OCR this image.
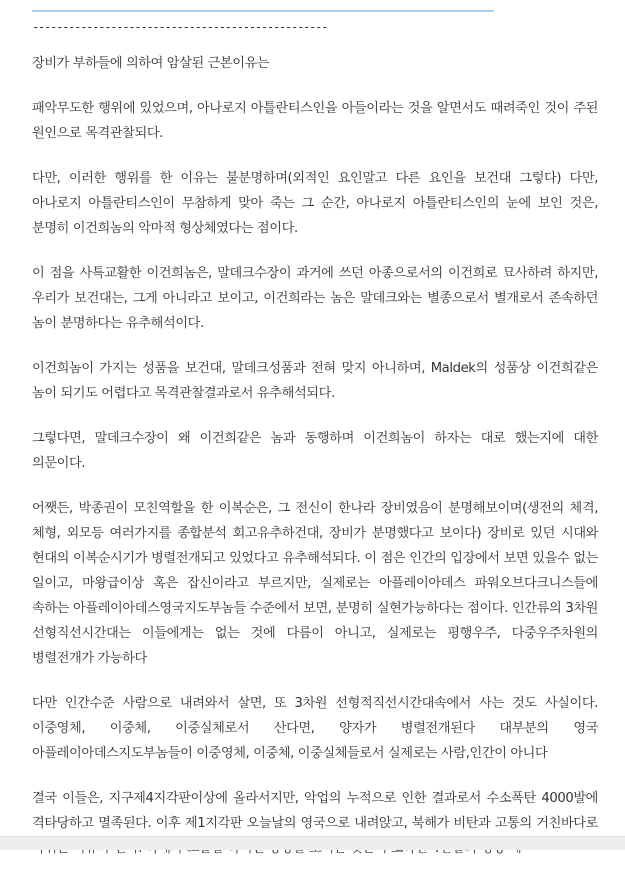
-------------------------------------------------

장비가 부하들에 의하여 암살된 근본이유는

패악무도한 행위에 있었으며, 아나로지 아틀란티스인을 아들이라는 것을 알면서도 때려죽인 것이 주된 원인으로 목격관찰되다.

다만, 이러한 행위를 한 이유는 불분명하며(외적인 요인말고 다른 요인을 보건대 그렇다) 다만, 아나로지 아틀란티스인이 무참하게 맞아 죽는 그 순간, 아나로지 아틀란티스인의 눈에 보인 것은, 분명히 이건희놈의 악마적 형상체였다는 점이다.

이 점을 사특교활한 이건희놈은, 말데크수장이 과거에 쓰던 아종으로서의 이건희로 묘사하려 하지만, 우리가 보건대는, 그게 아니라고 보이고, 이건희라는 놈은 말데크와는 별종으로서 별개로서 존속하던 놈이 분명하다는 유추해석이다.

이건희놈이 가지는 성품을 보건대, 말데크성품과 전혀 맞지 아니하며, Maldek의 성품상 이건희같은 놈이 되기도 어렵다고 목격관찰결과로서 유추해석되다.

그렇다면, 말데크수장이 왜 이건희같은 놈과 동행하며 이건희놈이 하자는 대로 했는지에 대한 의문이다.

어쨋든, 박종권이 모친역할을 한 이복순은, 그 전신이 한나라 장비였음이 분명해보이며(생전의 체격, 체형, 외모등 여러가지를 종합분석 회고유추하건대, 장비가 분명했다고 보이다) 장비로 있던 시대와 현대의 이복순시기가 병렬전개되고 있었다고 유추해석되다. 이 점은 인간의 입장에서 보면 있을수 없는 일이고, 마왕급이상 혹은 잡신이라고 부르지만, 실제로는 아플레이아데스 파워오브다크니스들에 속하는 아플레이아데스영국지도부놈들 수준에서 보면, 분명히 실현가능하다는 점이다. 인간류의 3차원 선형직선시간대는 이들에게는 없는 것에 다름이 아니고, 실제로는 평행우주, 다중우주차원의 병렬전개가 가능하다

다만 인간수준 사람으로 내려와서 살면, 또 3차원 선형적직선시간대속에서 사는 것도 사실이다. 이중영체, 이중체, 이중실체로서 산다면, 양자가 병렬전개된다 대부분의 영국 아플레이아데스지도부놈들이 이중영체, 이중체, 이중실체들로서 실제로는 사람,인간이 아니다

결국 이들은, 지구제4지각판이상에 올라서지만, 악업의 누적으로 인한 결과로서 수소폭탄 4000발에 격타당하고 멸족된다. 이후 제1지각판 오늘날의 영국으로 내려앉고, 북해가 비탄과 고통의 거친바다로
